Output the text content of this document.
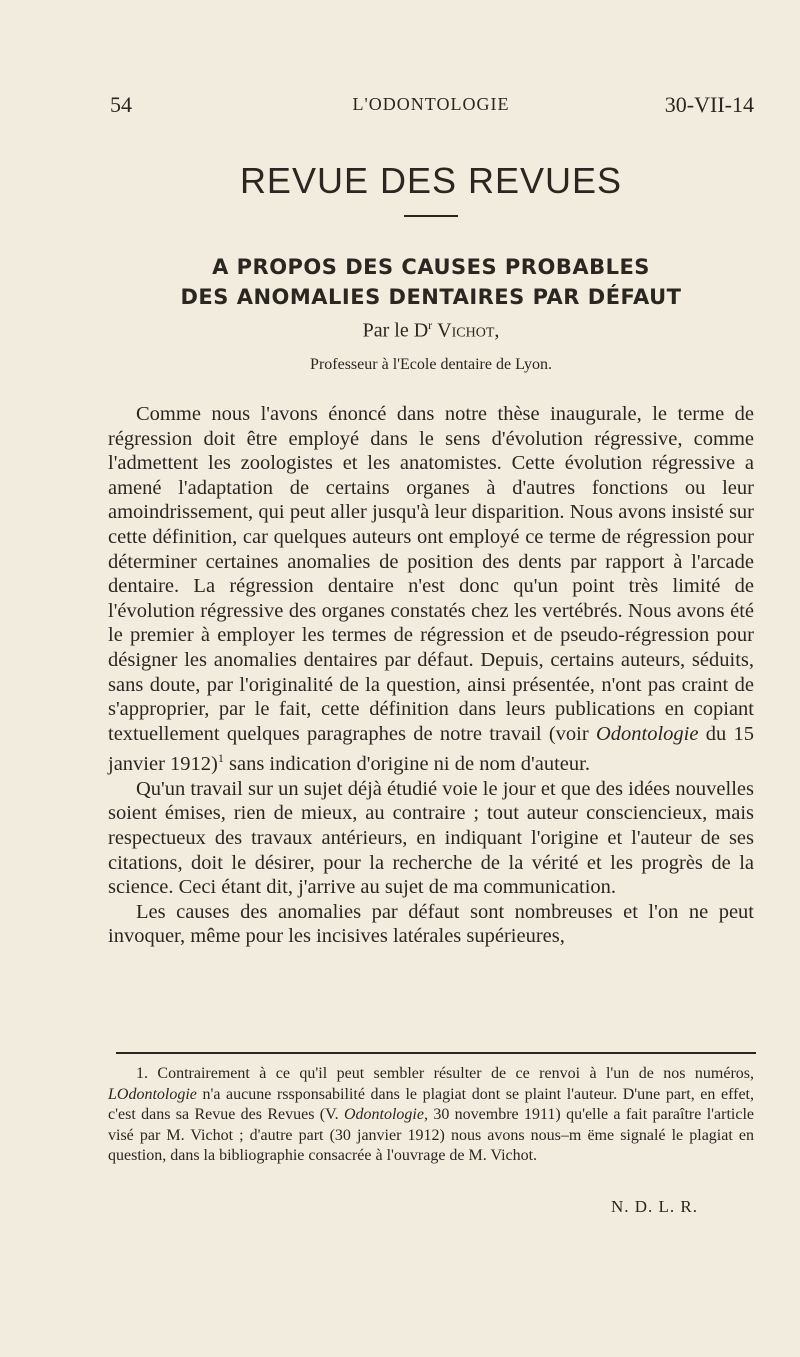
54	L'ODONTOLOGIE	30-VII-14
REVUE DES REVUES
A PROPOS DES CAUSES PROBABLES
DES ANOMALIES DENTAIRES PAR DÉFAUT
Par le $D^r$ Vichot,
Professeur à l'Ecole dentaire de Lyon.

Comme nous l'avons énoncé dans notre thèse inaugurale, le terme de régression doit être employé dans le sens d'évolution régressive, comme l'admettent les zoologistes et les anatomistes. Cette évolution régressive a amené l'adaptation de certains organes à d'autres fonctions ou leur amoindrissement, qui peut aller jusqu'à leur disparition. Nous avons insisté sur cette définition, car quelques auteurs ont employé ce terme de régression pour déterminer certaines anomalies de position des dents par rapport à l'arcade dentaire. La régression dentaire n'est donc qu'un point très limité de l'évolution régressive des organes constatés chez les vertébrés. Nous avons été le premier à employer les termes de régression et de pseudo-régression pour désigner les anomalies dentaires par défaut. Depuis, certains auteurs, séduits, sans doute, par l'originalité de la question, ainsi présentée, n'ont pas craint de s'approprier, par le fait, cette définition dans leurs publications en copiant textuellement quelques paragraphes de notre travail (voir Odontologie du 15 janvier 1912)$^1$ sans indication d'origine ni de nom d'auteur.

Qu'un travail sur un sujet déjà étudié voie le jour et que des idées nouvelles soient émises, rien de mieux, au contraire ; tout auteur consciencieux, mais respectueux des travaux antérieurs, en indiquant l'origine et l'auteur de ses citations, doit le désirer, pour la recherche de la vérité et les progrès de la science. Ceci étant dit, j'arrive au sujet de ma communication.

Les causes des anomalies par défaut sont nombreuses et l'on ne peut invoquer, même pour les incisives latérales supérieures,

1. Contrairement à ce qu'il peut sembler résulter de ce renvoi à l'un de nos numéros, LOdontologie n'a aucune rssponsabilité dans le plagiat dont se plaint l'auteur. D'une part, en effet, c'est dans sa Revue des Revues (V. Odontologie, 30 novembre 1911) qu'elle a fait paraître l'article visé par M. Vichot ; d'autre part (30 janvier 1912) nous avons nous–m ëme signalé le plagiat en question, dans la bibliographie consacrée à l'ouvrage de M. Vichot.

N. D. L. R.
